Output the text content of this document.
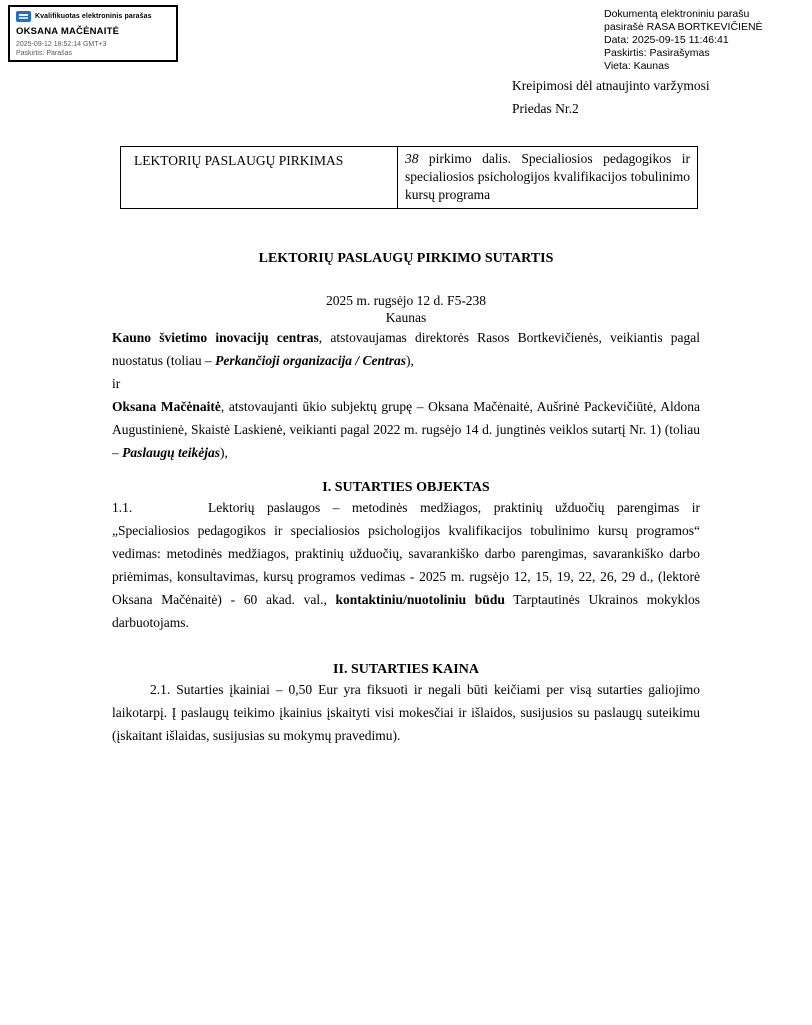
Kvalifikuotas elektroninis parašas
OKSANA MAČĖNAITĖ
2025-09-12 18:52:14 GMT+3
Paskirtis: Parašas
Dokumentą elektroniniu parašu
pasirašė RASA BORTKEVIČIENĖ
Data: 2025-09-15 11:46:41
Paskirtis: Pasirašymas
Vieta: Kaunas
Kreipimosi dėl atnaujinto varžymosi
Priedas Nr.2
LEKTORIŲ PASLAUGŲ PIRKIMAS	38 pirkimo dalis. Specialiosios pedagogikos ir specialiosios psichologijos kvalifikacijos tobulinimo kursų programa
LEKTORIŲ PASLAUGŲ PIRKIMO SUTARTIS
2025 m. rugsėjo 12 d. F5-238
Kaunas

Kauno švietimo inovacijų centras, atstovaujamas direktorės Rasos Bortkevičienės, veikiantis pagal nuostatus (toliau – Perkančioji organizacija / Centras),

ir

Oksana Mačėnaitė, atstovaujanti ūkio subjektų grupę – Oksana Mačėnaitė, Aušrinė Packevičiūtė, Aldona Augustinienė, Skaistė Laskienė, veikianti pagal 2022 m. rugsėjo 14 d. jungtinės veiklos sutartį Nr. 1) (toliau – Paslaugų teikėjas),

I. SUTARTIES OBJEKTAS

1.1.	Lektorių paslaugos – metodinės medžiagos, praktinių užduočių parengimas ir „Specialiosios pedagogikos ir specialiosios psichologijos kvalifikacijos tobulinimo kursų programos“ vedimas: metodinės medžiagos, praktinių užduočių, savarankiško darbo parengimas, savarankiško darbo priėmimas, konsultavimas, kursų programos vedimas - 2025 m. rugsėjo 12, 15, 19, 22, 26, 29 d., (lektorė Oksana Mačėnaitė) - 60 akad. val., kontaktiniu/nuotoliniu būdu Tarptautinės Ukrainos mokyklos darbuotojams.

II. SUTARTIES KAINA

2.1. Sutarties įkainiai – 0,50 Eur yra fiksuoti ir negali būti keičiami per visą sutarties galiojimo laikotarpį. Į paslaugų teikimo įkainius įskaityti visi mokesčiai ir išlaidos, susijusios su paslaugų suteikimu (įskaitant išlaidas, susijusias su mokymų pravedimu).
